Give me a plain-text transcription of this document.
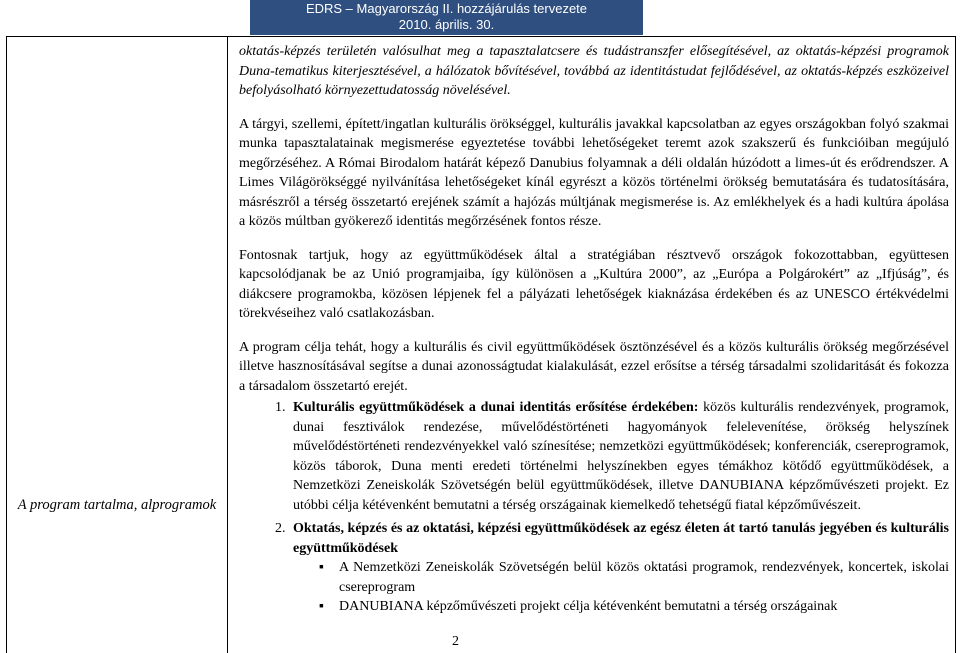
EDRS – Magyarország II. hozzájárulás tervezete
2010. április. 30.
A program tartalma, alprogramok

oktatás-képzés területén valósulhat meg a tapasztalatcsere és tudástranszfer elősegítésével, az oktatás-képzési programok Duna-tematikus kiterjesztésével, a hálózatok bővítésével, továbbá az identitástudat fejlődésével, az oktatás-képzés eszközeivel befolyásolható környezettudatosság növelésével.

A tárgyi, szellemi, épített/ingatlan kulturális örökséggel, kulturális javakkal kapcsolatban az egyes országokban folyó szakmai munka tapasztalatainak megismerése egyeztetése további lehetőségeket teremt azok szakszerű és funkcióiban megújuló megőrzéséhez. A Római Birodalom határát képező Danubius folyamnak a déli oldalán húzódott a limes-út és erődrendszer. A Limes Világörökséggé nyilvánítása lehetőségeket kínál egyrészt a közös történelmi örökség bemutatására és tudatosítására, másrészről a térség összetartó erejének számít a hajózás múltjának megismerése is. Az emlékhelyek és a hadi kultúra ápolása a közös múltban gyökerező identitás megőrzésének fontos része.

Fontosnak tartjuk, hogy az együttműködések által a stratégiában résztvevő országok fokozottabban, együttesen kapcsolódjanak be az Unió programjaiba, így különösen a „Kultúra 2000”, az „Európa a Polgárokért” az „Ifjúság”, és diákcsere programokba, közösen lépjenek fel a pályázati lehetőségek kiaknázása érdekében és az UNESCO értékvédelmi törekvéseihez való csatlakozásban.

A program célja tehát, hogy a kulturális és civil együttműködések ösztönzésével és a közös kulturális örökség megőrzésével illetve hasznosításával segítse a dunai azonosságtudat kialakulását, ezzel erősítse a térség társadalmi szolidaritását és fokozza a társadalom összetartó erejét.

1. Kulturális együttműködések a dunai identitás erősítése érdekében: közös kulturális rendezvények, programok, dunai fesztiválok rendezése, művelődéstörténeti hagyományok felelevenítése, örökség helyszínek művelődéstörténeti rendezvényekkel való színesítése; nemzetközi együttműködések; konferenciák, csereprogramok, közös táborok, Duna menti eredeti történelmi helyszínekben egyes témákhoz kötődő együttműködések, a Nemzetközi Zeneiskolák Szövetségén belül együttműködések, illetve DANUBIANA képzőművészeti projekt. Ez utóbbi célja kétévenként bemutatni a térség országainak kiemelkedő tehetségű fiatal képzőművészeit.
2. Oktatás, képzés és az oktatási, képzési együttműködések az egész életen át tartó tanulás jegyében és kulturális együttműködések
▪ A Nemzetközi Zeneiskolák Szövetségén belül közös oktatási programok, rendezvények, koncertek, iskolai csereprogram
▪ DANUBIANA képzőművészeti projekt célja kétévenként bemutatni a térség országainak
2
